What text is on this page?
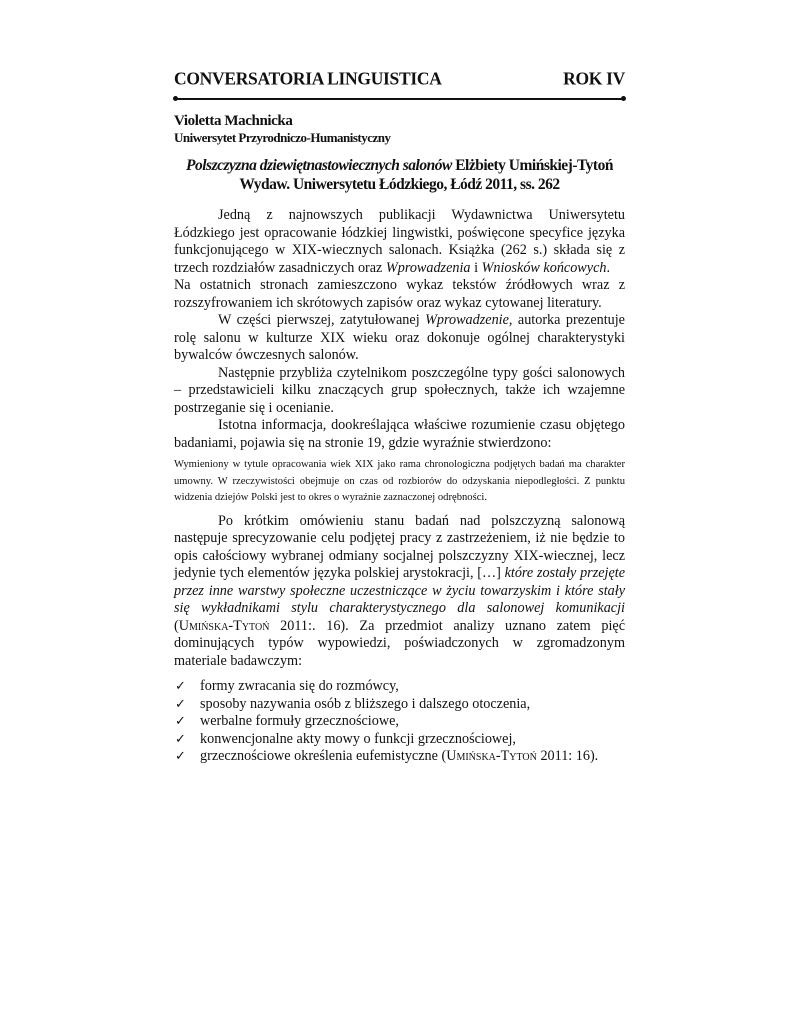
CONVERSATORIA LINGUISTICA	ROK IV
Violetta Machnicka
Uniwersytet Przyrodniczo-Humanistyczny
Polszczyzna dziewiętnastowiecznych salonów Elżbiety Umińskiej-Tytoń
Wydaw. Uniwersytetu Łódzkiego, Łódź 2011, ss. 262

Jedną z najnowszych publikacji Wydawnictwa Uniwersytetu Łódzkiego jest opracowanie łódzkiej lingwistki, poświęcone specyfice języka funkcjonującego w XIX-wiecznych salonach. Książka (262 s.) składa się z trzech rozdziałów zasadniczych oraz Wprowadzenia i Wniosków końcowych.

Na ostatnich stronach zamieszczono wykaz tekstów źródłowych wraz z rozszyfrowaniem ich skrótowych zapisów oraz wykaz cytowanej literatury.

W części pierwszej, zatytułowanej Wprowadzenie, autorka prezentuje rolę salonu w kulturze XIX wieku oraz dokonuje ogólnej charakterystyki bywalców ówczesnych salonów.

Następnie przybliża czytelnikom poszczególne typy gości salonowych – przedstawicieli kilku znaczących grup społecznych, także ich wzajemne postrzeganie się i ocenianie.

Istotna informacja, dookreślająca właściwe rozumienie czasu objętego badaniami, pojawia się na stronie 19, gdzie wyraźnie stwierdzono:

Wymieniony w tytule opracowania wiek XIX jako rama chronologiczna podjętych badań ma charakter umowny. W rzeczywistości obejmuje on czas od rozbiorów do odzyskania niepodległości. Z punktu widzenia dziejów Polski jest to okres o wyraźnie zaznaczonej odrębności.

Po krótkim omówieniu stanu badań nad polszczyzną salonową następuje sprecyzowanie celu podjętej pracy z zastrzeżeniem, iż nie będzie to opis całościowy wybranej odmiany socjalnej polszczyzny XIX-wiecznej, lecz jedynie tych elementów języka polskiej arystokracji, […] które zostały przejęte przez inne warstwy społeczne uczestniczące w życiu towarzyskim i które stały się wykładnikami stylu charakterystycznego dla salonowej komunikacji (Umińska-Tytoń 2011:. 16). Za przedmiot analizy uznano zatem pięć dominujących typów wypowiedzi, poświadczonych w zgromadzonym materiale badawczym:

✓ formy zwracania się do rozmówcy,
✓ sposoby nazywania osób z bliższego i dalszego otoczenia,
✓ werbalne formuły grzecznościowe,
✓ konwencjonalne akty mowy o funkcji grzecznościowej,
✓ grzecznościowe określenia eufemistyczne (Umińska-Tytoń 2011: 16).
